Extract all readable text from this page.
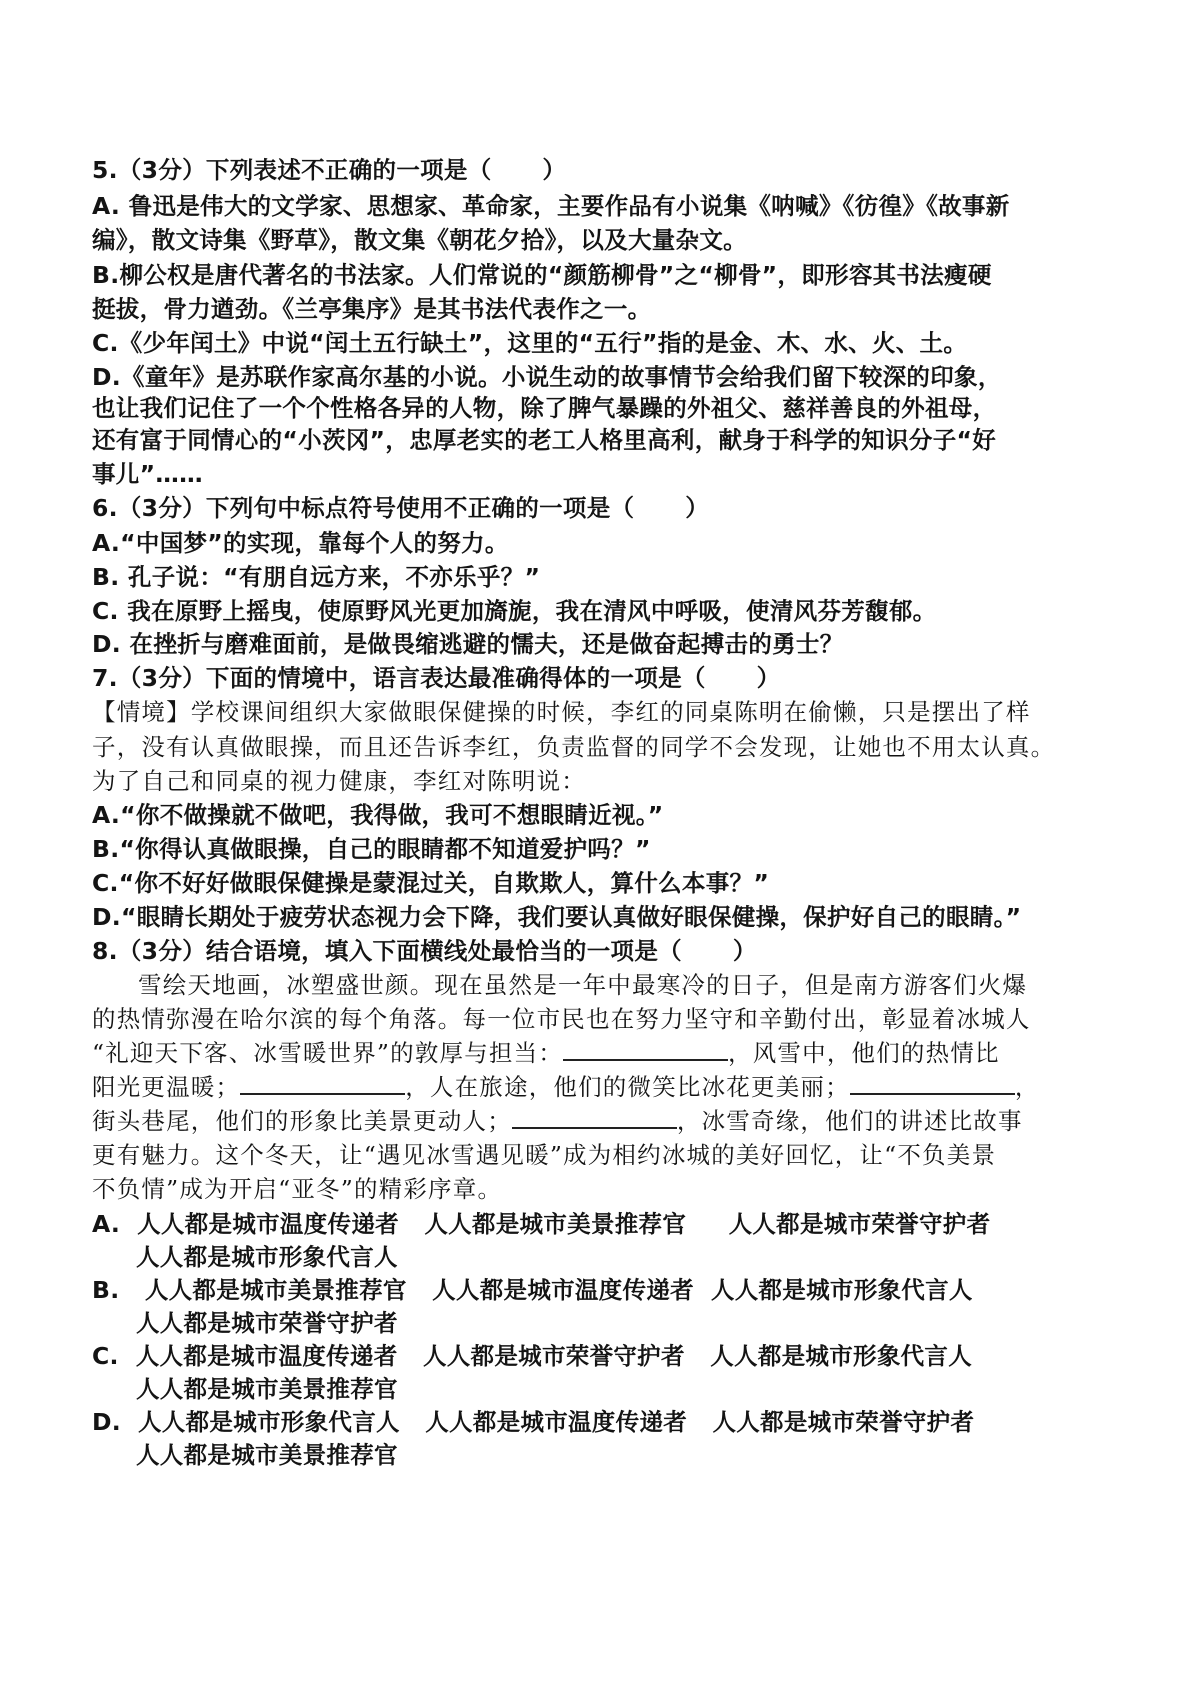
5.（3分）下列表述不正确的一项是（      ）
A. 鲁迅是伟大的文学家、思想家、革命家，主要作品有小说集《呐喊》《彷徨》《故事新
编》，散文诗集《野草》，散文集《朝花夕拾》，以及大量杂文。
B.柳公权是唐代著名的书法家。人们常说的“颜筋柳骨”之“柳骨”，即形容其书法瘦硬
挺拔，骨力遒劲。《兰亭集序》是其书法代表作之一。
C.《少年闰土》中说“闰土五行缺土”，这里的“五行”指的是金、木、水、火、土。
D.《童年》是苏联作家高尔基的小说。小说生动的故事情节会给我们留下较深的印象，
也让我们记住了一个个性格各异的人物，除了脾气暴躁的外祖父、慈祥善良的外祖母，
还有富于同情心的“小茨冈”，忠厚老实的老工人格里高利，献身于科学的知识分子“好
事儿”……
6.（3分）下列句中标点符号使用不正确的一项是（      ）
A.“中国梦”的实现，靠每个人的努力。
B. 孔子说：“有朋自远方来，不亦乐乎？”
C. 我在原野上摇曳，使原野风光更加旖旎，我在清风中呼吸，使清风芬芳馥郁。
D. 在挫折与磨难面前，是做畏缩逃避的懦夫，还是做奋起搏击的勇士？
7.（3分）下面的情境中，语言表达最准确得体的一项是（      ）
【情境】学校课间组织大家做眼保健操的时候，李红的同桌陈明在偷懒，只是摆出了样
子，没有认真做眼操，而且还告诉李红，负责监督的同学不会发现，让她也不用太认真。
为了自己和同桌的视力健康，李红对陈明说：
A.“你不做操就不做吧，我得做，我可不想眼睛近视。”
B.“你得认真做眼操，自己的眼睛都不知道爱护吗？”
C.“你不好好做眼保健操是蒙混过关，自欺欺人，算什么本事？”
D.“眼睛长期处于疲劳状态视力会下降，我们要认真做好眼保健操，保护好自己的眼睛。”
8.（3分）结合语境，填入下面横线处最恰当的一项是（      ）
雪绘天地画，冰塑盛世颜。现在虽然是一年中最寒冷的日子，但是南方游客们火爆
的热情弥漫在哈尔滨的每个角落。每一位市民也在努力坚守和辛勤付出，彰显着冰城人
“礼迎天下客、冰雪暖世界”的敦厚与担当：	，风雪中，他们的热情比
阳光更温暖；	，人在旅途，他们的微笑比冰花更美丽；	，
街头巷尾，他们的形象比美景更动人；	，冰雪奇缘，他们的讲述比故事
更有魅力。这个冬天，让“遇见冰雪遇见暖”成为相约冰城的美好回忆，让“不负美景
不负情”成为开启“亚冬”的精彩序章。
A.  人人都是城市温度传递者   人人都是城市美景推荐官     人人都是城市荣誉守护者
人人都是城市形象代言人
B.   人人都是城市美景推荐官   人人都是城市温度传递者  人人都是城市形象代言人
人人都是城市荣誉守护者
C.  人人都是城市温度传递者   人人都是城市荣誉守护者   人人都是城市形象代言人
人人都是城市美景推荐官
D.  人人都是城市形象代言人   人人都是城市温度传递者   人人都是城市荣誉守护者
人人都是城市美景推荐官
